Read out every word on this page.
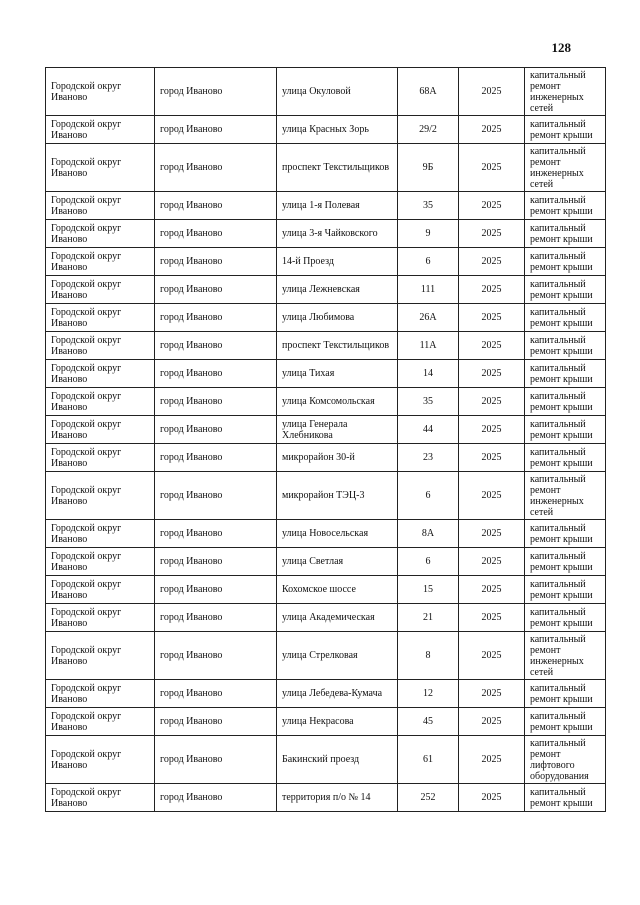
128
Городской округ Иваново	город Иваново	улица Окуловой	68А	2025	капитальный ремонт инженерных сетей
Городской округ Иваново	город Иваново	улица Красных Зорь	29/2	2025	капитальный ремонт крыши
Городской округ Иваново	город Иваново	проспект Текстильщиков	9Б	2025	капитальный ремонт инженерных сетей
Городской округ Иваново	город Иваново	улица 1-я Полевая	35	2025	капитальный ремонт крыши
Городской округ Иваново	город Иваново	улица 3-я Чайковского	9	2025	капитальный ремонт крыши
Городской округ Иваново	город Иваново	14-й Проезд	6	2025	капитальный ремонт крыши
Городской округ Иваново	город Иваново	улица Лежневская	111	2025	капитальный ремонт крыши
Городской округ Иваново	город Иваново	улица Любимова	26А	2025	капитальный ремонт крыши
Городской округ Иваново	город Иваново	проспект Текстильщиков	11А	2025	капитальный ремонт крыши
Городской округ Иваново	город Иваново	улица Тихая	14	2025	капитальный ремонт крыши
Городской округ Иваново	город Иваново	улица Комсомольская	35	2025	капитальный ремонт крыши
Городской округ Иваново	город Иваново	улица Генерала Хлебникова	44	2025	капитальный ремонт крыши
Городской округ Иваново	город Иваново	микрорайон 30-й	23	2025	капитальный ремонт крыши
Городской округ Иваново	город Иваново	микрорайон ТЭЦ-3	6	2025	капитальный ремонт инженерных сетей
Городской округ Иваново	город Иваново	улица Новосельская	8А	2025	капитальный ремонт крыши
Городской округ Иваново	город Иваново	улица Светлая	6	2025	капитальный ремонт крыши
Городской округ Иваново	город Иваново	Кохомское шоссе	15	2025	капитальный ремонт крыши
Городской округ Иваново	город Иваново	улица Академическая	21	2025	капитальный ремонт крыши
Городской округ Иваново	город Иваново	улица Стрелковая	8	2025	капитальный ремонт инженерных сетей
Городской округ Иваново	город Иваново	улица Лебедева-Кумача	12	2025	капитальный ремонт крыши
Городской округ Иваново	город Иваново	улица Некрасова	45	2025	капитальный ремонт крыши
Городской округ Иваново	город Иваново	Бакинский проезд	61	2025	капитальный ремонт лифтового оборудования
Городской округ Иваново	город Иваново	территория п/о № 14	252	2025	капитальный ремонт крыши
